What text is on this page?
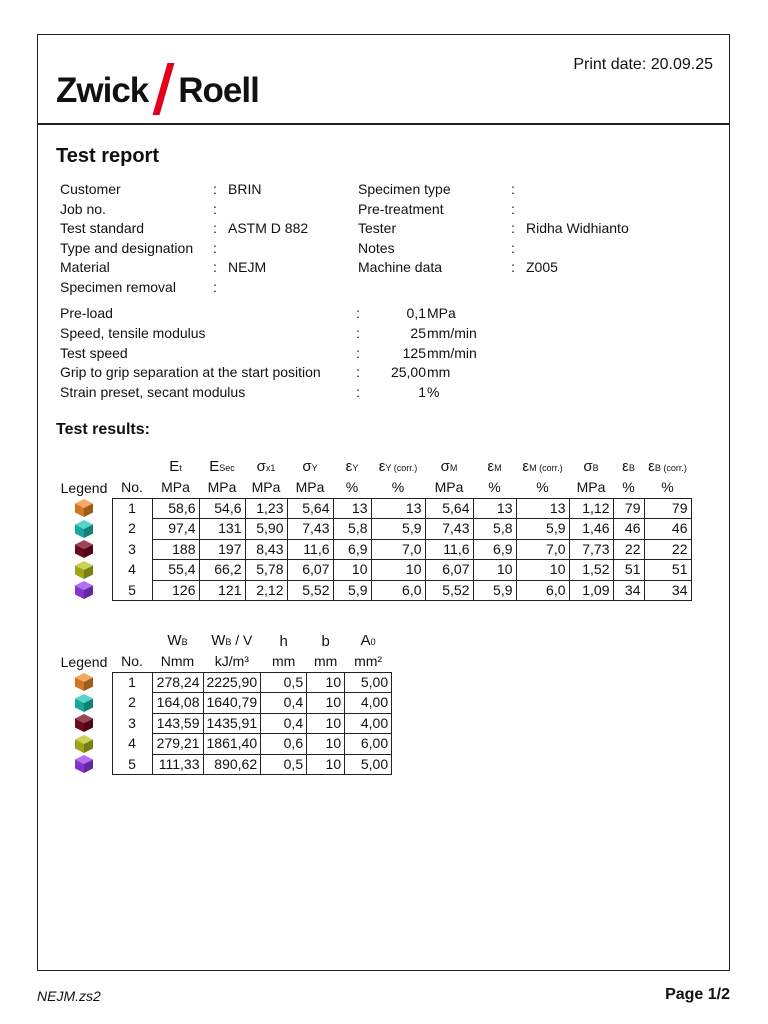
Zwick Roell
Print date: 20.09.25
Test report
Customer	: BRIN
Job no.	:
Test standard	: ASTM D 882
Type and designation :
Material	: NEJM
Specimen removal	:
Specimen type	:
Pre-treatment	:
Tester	: Ridha Widhianto
Notes	:
Machine data	: Z005
Pre-load	:	0,1 MPa
Speed, tensile modulus	:	25 mm/min
Test speed	:	125 mm/min
Grip to grip separation at the start position	:	25,00 mm
Strain preset, secant modulus	:	1 %
Test results:
		Et	ESec	σx1	σY	εY	εY (corr.)	σM	εM	εM (corr.)	σB	εB	εB (corr.)
Legend	No.	MPa	MPa	MPa	MPa	%	%	MPa	%	%	MPa	%	%
	1	58,6	54,6	1,23	5,64	13	13	5,64	13	13	1,12	79	79
	2	97,4	131	5,90	7,43	5,8	5,9	7,43	5,8	5,9	1,46	46	46
	3	188	197	8,43	11,6	6,9	7,0	11,6	6,9	7,0	7,73	22	22
	4	55,4	66,2	5,78	6,07	10	10	6,07	10	10	1,52	51	51
	5	126	121	2,12	5,52	5,9	6,0	5,52	5,9	6,0	1,09	34	34
		WB	WB / V	h	b	A0
Legend	No.	Nmm	kJ/m³	mm	mm	mm²
	1	278,24	2225,90	0,5	10	5,00
	2	164,08	1640,79	0,4	10	4,00
	3	143,59	1435,91	0,4	10	4,00
	4	279,21	1861,40	0,6	10	6,00
	5	111,33	890,62	0,5	10	5,00
NEJM.zs2	Page 1/2
